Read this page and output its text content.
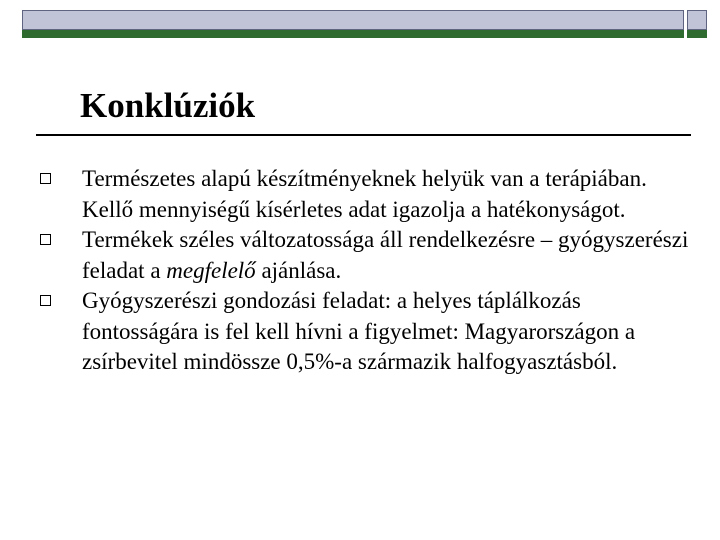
Konklúziók
Természetes alapú készítményeknek helyük van a terápiában. Kellő mennyiségű kísérletes adat igazolja a hatékonyságot.
Termékek széles változatossága áll rendelkezésre – gyógyszerészi feladat a megfelelő ajánlása.
Gyógyszerészi gondozási feladat: a helyes táplálkozás fontosságára is fel kell hívni a figyelmet: Magyarországon a zsírbevitel mindössze 0,5%-a származik halfogyasztásból.
